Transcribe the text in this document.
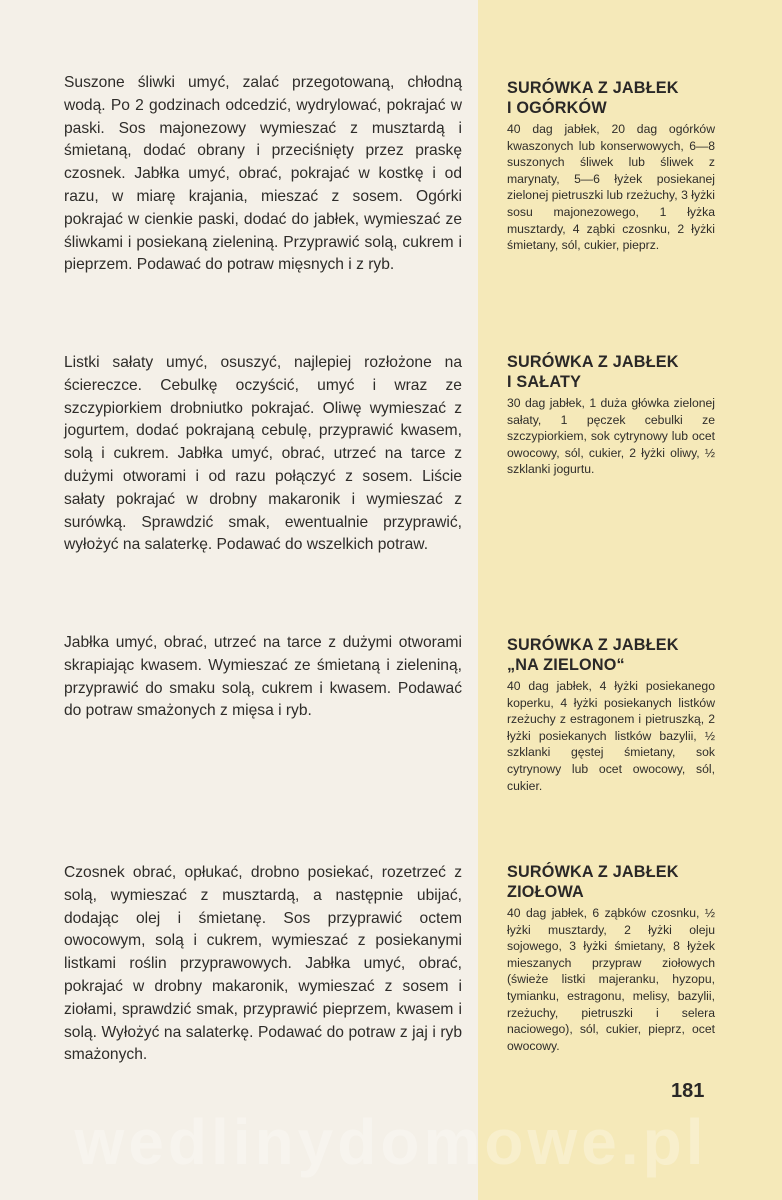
Suszone śliwki umyć, zalać przegotowaną, chłodną wodą. Po 2 godzinach odcedzić, wydrylować, pokrajać w paski. Sos majonezowy wymieszać z musztardą i śmietaną, dodać obrany i przeciśnięty przez praskę czosnek. Jabłka umyć, obrać, pokrajać w kostkę i od razu, w miarę krajania, mieszać z sosem. Ogórki pokrajać w cienkie paski, dodać do jabłek, wymieszać ze śliwkami i posiekaną zieleniną. Przyprawić solą, cukrem i pieprzem. Podawać do potraw mięsnych i z ryb.

Listki sałaty umyć, osuszyć, najlepiej rozłożone na ściereczce. Cebulkę oczyścić, umyć i wraz ze szczypiorkiem drobniutko pokrajać. Oliwę wymieszać z jogurtem, dodać pokrajaną cebulę, przyprawić kwasem, solą i cukrem. Jabłka umyć, obrać, utrzeć na tarce z dużymi otworami i od razu połączyć z sosem. Liście sałaty pokrajać w drobny makaronik i wymieszać z surówką. Sprawdzić smak, ewentualnie przyprawić, wyłożyć na salaterkę. Podawać do wszelkich potraw.

Jabłka umyć, obrać, utrzeć na tarce z dużymi otworami skrapiając kwasem. Wymieszać ze śmietaną i zieleniną, przyprawić do smaku solą, cukrem i kwasem. Podawać do potraw smażonych z mięsa i ryb.

Czosnek obrać, opłukać, drobno posiekać, rozetrzeć z solą, wymieszać z musztardą, a następnie ubijać, dodając olej i śmietanę. Sos przyprawić octem owocowym, solą i cukrem, wymieszać z posiekanymi listkami roślin przyprawowych. Jabłka umyć, obrać, pokrajać w drobny makaronik, wymieszać z sosem i ziołami, sprawdzić smak, przyprawić pieprzem, kwasem i solą. Wyłożyć na salaterkę. Podawać do potraw z jaj i ryb smażonych.

SURÓWKA Z JABŁEK
I OGÓRKÓW
40 dag jabłek, 20 dag ogórków kwaszonych lub konserwowych, 6—8 suszonych śliwek lub śliwek z marynaty, 5—6 łyżek posiekanej zielonej pietruszki lub rzeżuchy, 3 łyżki sosu majonezowego, 1 łyżka musztardy, 4 ząbki czosnku, 2 łyżki śmietany, sól, cukier, pieprz.
SURÓWKA Z JABŁEK
I SAŁATY
30 dag jabłek, 1 duża główka zielonej sałaty, 1 pęczek cebulki ze szczypiorkiem, sok cytrynowy lub ocet owocowy, sól, cukier, 2 łyżki oliwy, ½ szklanki jogurtu.
SURÓWKA Z JABŁEK
„NA ZIELONO“
40 dag jabłek, 4 łyżki posiekanego koperku, 4 łyżki posiekanych listków rzeżuchy z estragonem i pietruszką, 2 łyżki posiekanych listków bazylii, ½ szklanki gęstej śmietany, sok cytrynowy lub ocet owocowy, sól, cukier.
SURÓWKA Z JABŁEK
ZIOŁOWA
40 dag jabłek, 6 ząbków czosnku, ½ łyżki musztardy, 2 łyżki oleju sojowego, 3 łyżki śmietany, 8 łyżek mieszanych przypraw ziołowych (świeże listki majeranku, hyzopu, tymianku, estragonu, melisy, bazylii, rzeżuchy, pietruszki i selera naciowego), sól, cukier, pieprz, ocet owocowy.
wedlinydomowe.pl
181
